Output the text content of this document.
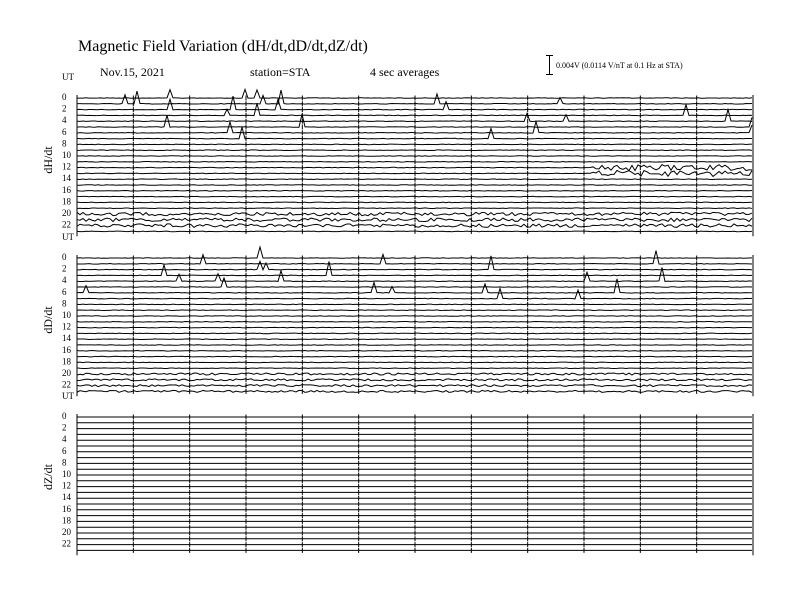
Magnetic Field Variation (dH/dt,dD/dt,dZ/dt)
Nov.15, 2021	station=STA	4 sec averages	0.004V (0.0114 V/nT at 0.1 Hz at STA)
UT
dH/dt
0
2
4
6
8
10
12
14
16
18
20
22
UT
dD/dt
0
2
4
6
8
10
12
14
16
18
20
22
UT
dZ/dt
0
2
4
6
8
10
12
14
16
18
20
22
